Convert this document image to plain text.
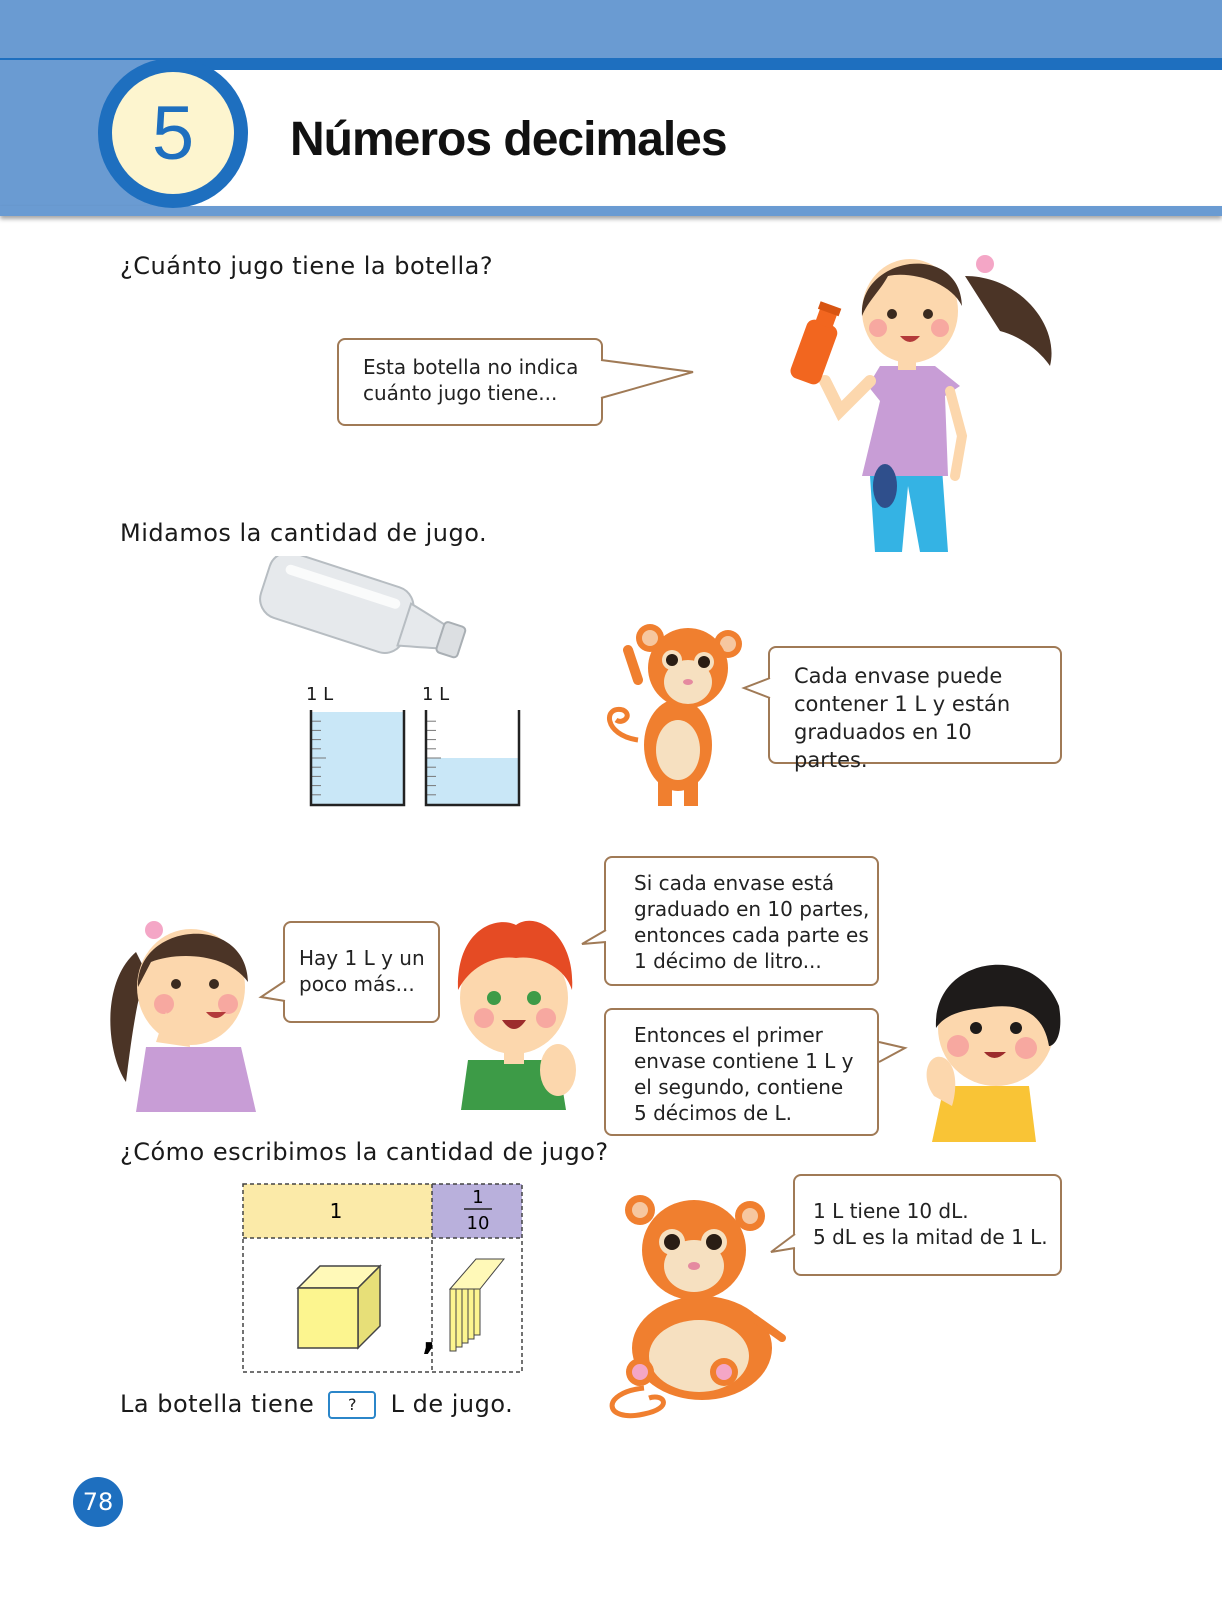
5	Números decimales
¿Cuánto jugo tiene la botella?
Esta botella no indica
cuánto jugo tiene...
Midamos la cantidad de jugo.
1 L	1 L
Cada envase puede
contener 1 L y están
graduados en 10 partes.
Hay 1 L y un
poco más...
Si cada envase está
graduado en 10 partes,
entonces cada parte es
1 décimo de litro...
Entonces el primer
envase contiene 1 L y
el segundo, contiene
5 décimos de L.
¿Cómo escribimos la cantidad de jugo?
1
1
10
,
1 L tiene 10 dL.
5 dL es la mitad de 1 L.
La botella tiene ? L de jugo.
78
